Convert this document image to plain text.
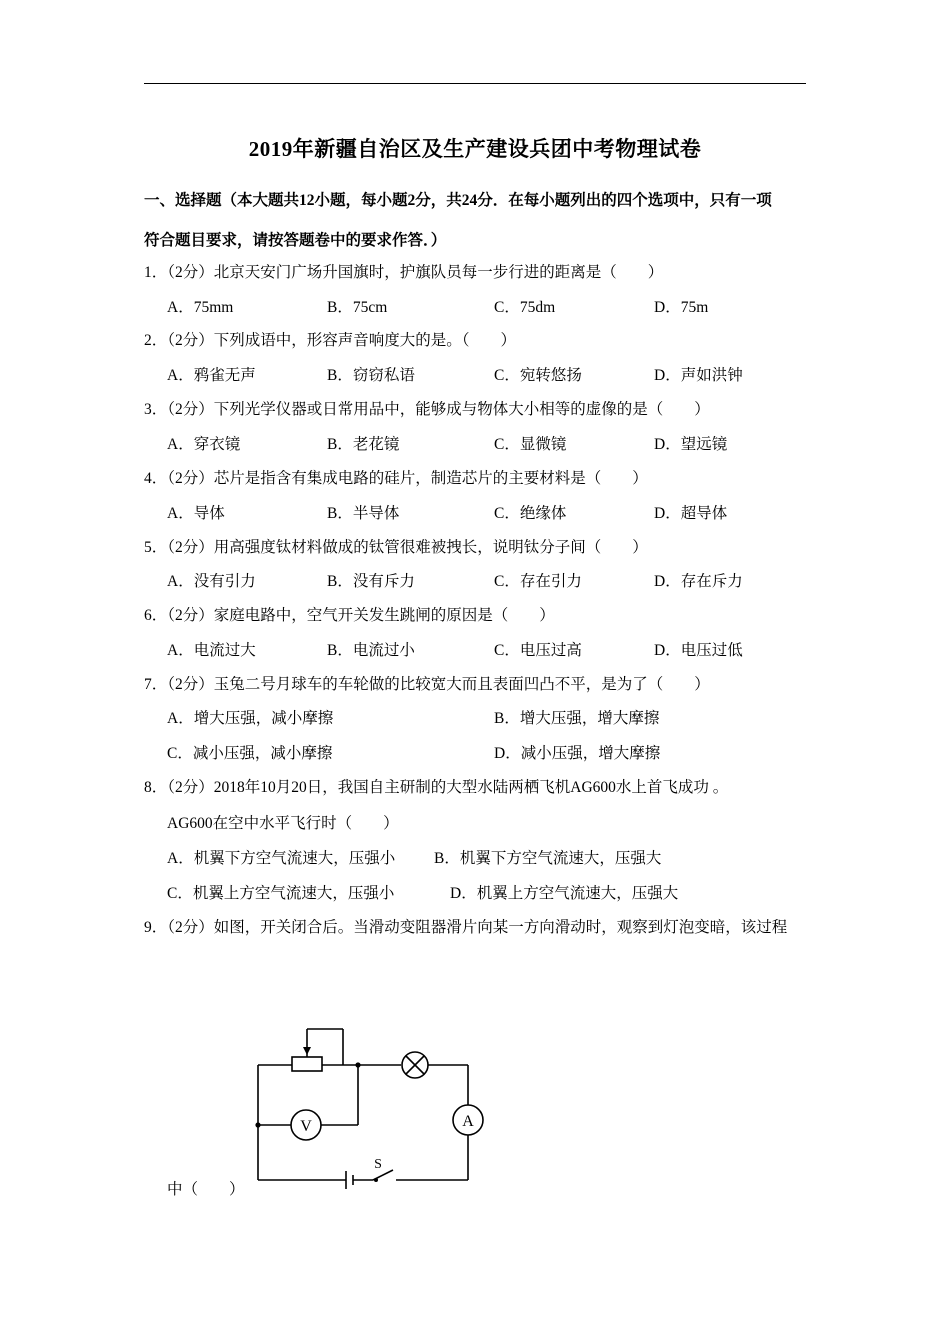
2019年新疆自治区及生产建设兵团中考物理试卷
一、选择题（本大题共12小题，每小题2分，共24分．在每小题列出的四个选项中，只有一项
符合题目要求，请按答题卷中的要求作答．）
1．（2分）北京天安门广场升国旗时，护旗队员每一步行进的距离是（　　）
A．75mm	B．75cm	C．75dm	D．75m
2．（2分）下列成语中，形容声音响度大的是。（　　）
A．鸦雀无声	B．窃窃私语	C．宛转悠扬	D．声如洪钟
3．（2分）下列光学仪器或日常用品中，能够成与物体大小相等的虚像的是（　　）
A．穿衣镜	B．老花镜	C．显微镜	D．望远镜
4．（2分）芯片是指含有集成电路的硅片，制造芯片的主要材料是（　　）
A．导体	B．半导体	C．绝缘体	D．超导体
5．（2分）用高强度钛材料做成的钛管很难被拽长，说明钛分子间（　　）
A．没有引力	B．没有斥力	C．存在引力	D．存在斥力
6．（2分）家庭电路中，空气开关发生跳闸的原因是（　　）
A．电流过大	B．电流过小	C．电压过高	D．电压过低
7．（2分）玉兔二号月球车的车轮做的比较宽大而且表面凹凸不平，是为了（　　）
A．增大压强，减小摩擦	B．增大压强，增大摩擦
C．减小压强，减小摩擦	D．减小压强，增大摩擦
8．（2分）2018年10月20日，我国自主研制的大型水陆两栖飞机AG600水上首飞成功 。
AG600在空中水平飞行时（　　）
A．机翼下方空气流速大，压强小	B．机翼下方空气流速大，压强大
C．机翼上方空气流速大，压强小	D．机翼上方空气流速大，压强大
9．（2分）如图，开关闭合后。当滑动变阻器滑片向某一方向滑动时，观察到灯泡变暗，该过程
V	A
S
中（　　）
